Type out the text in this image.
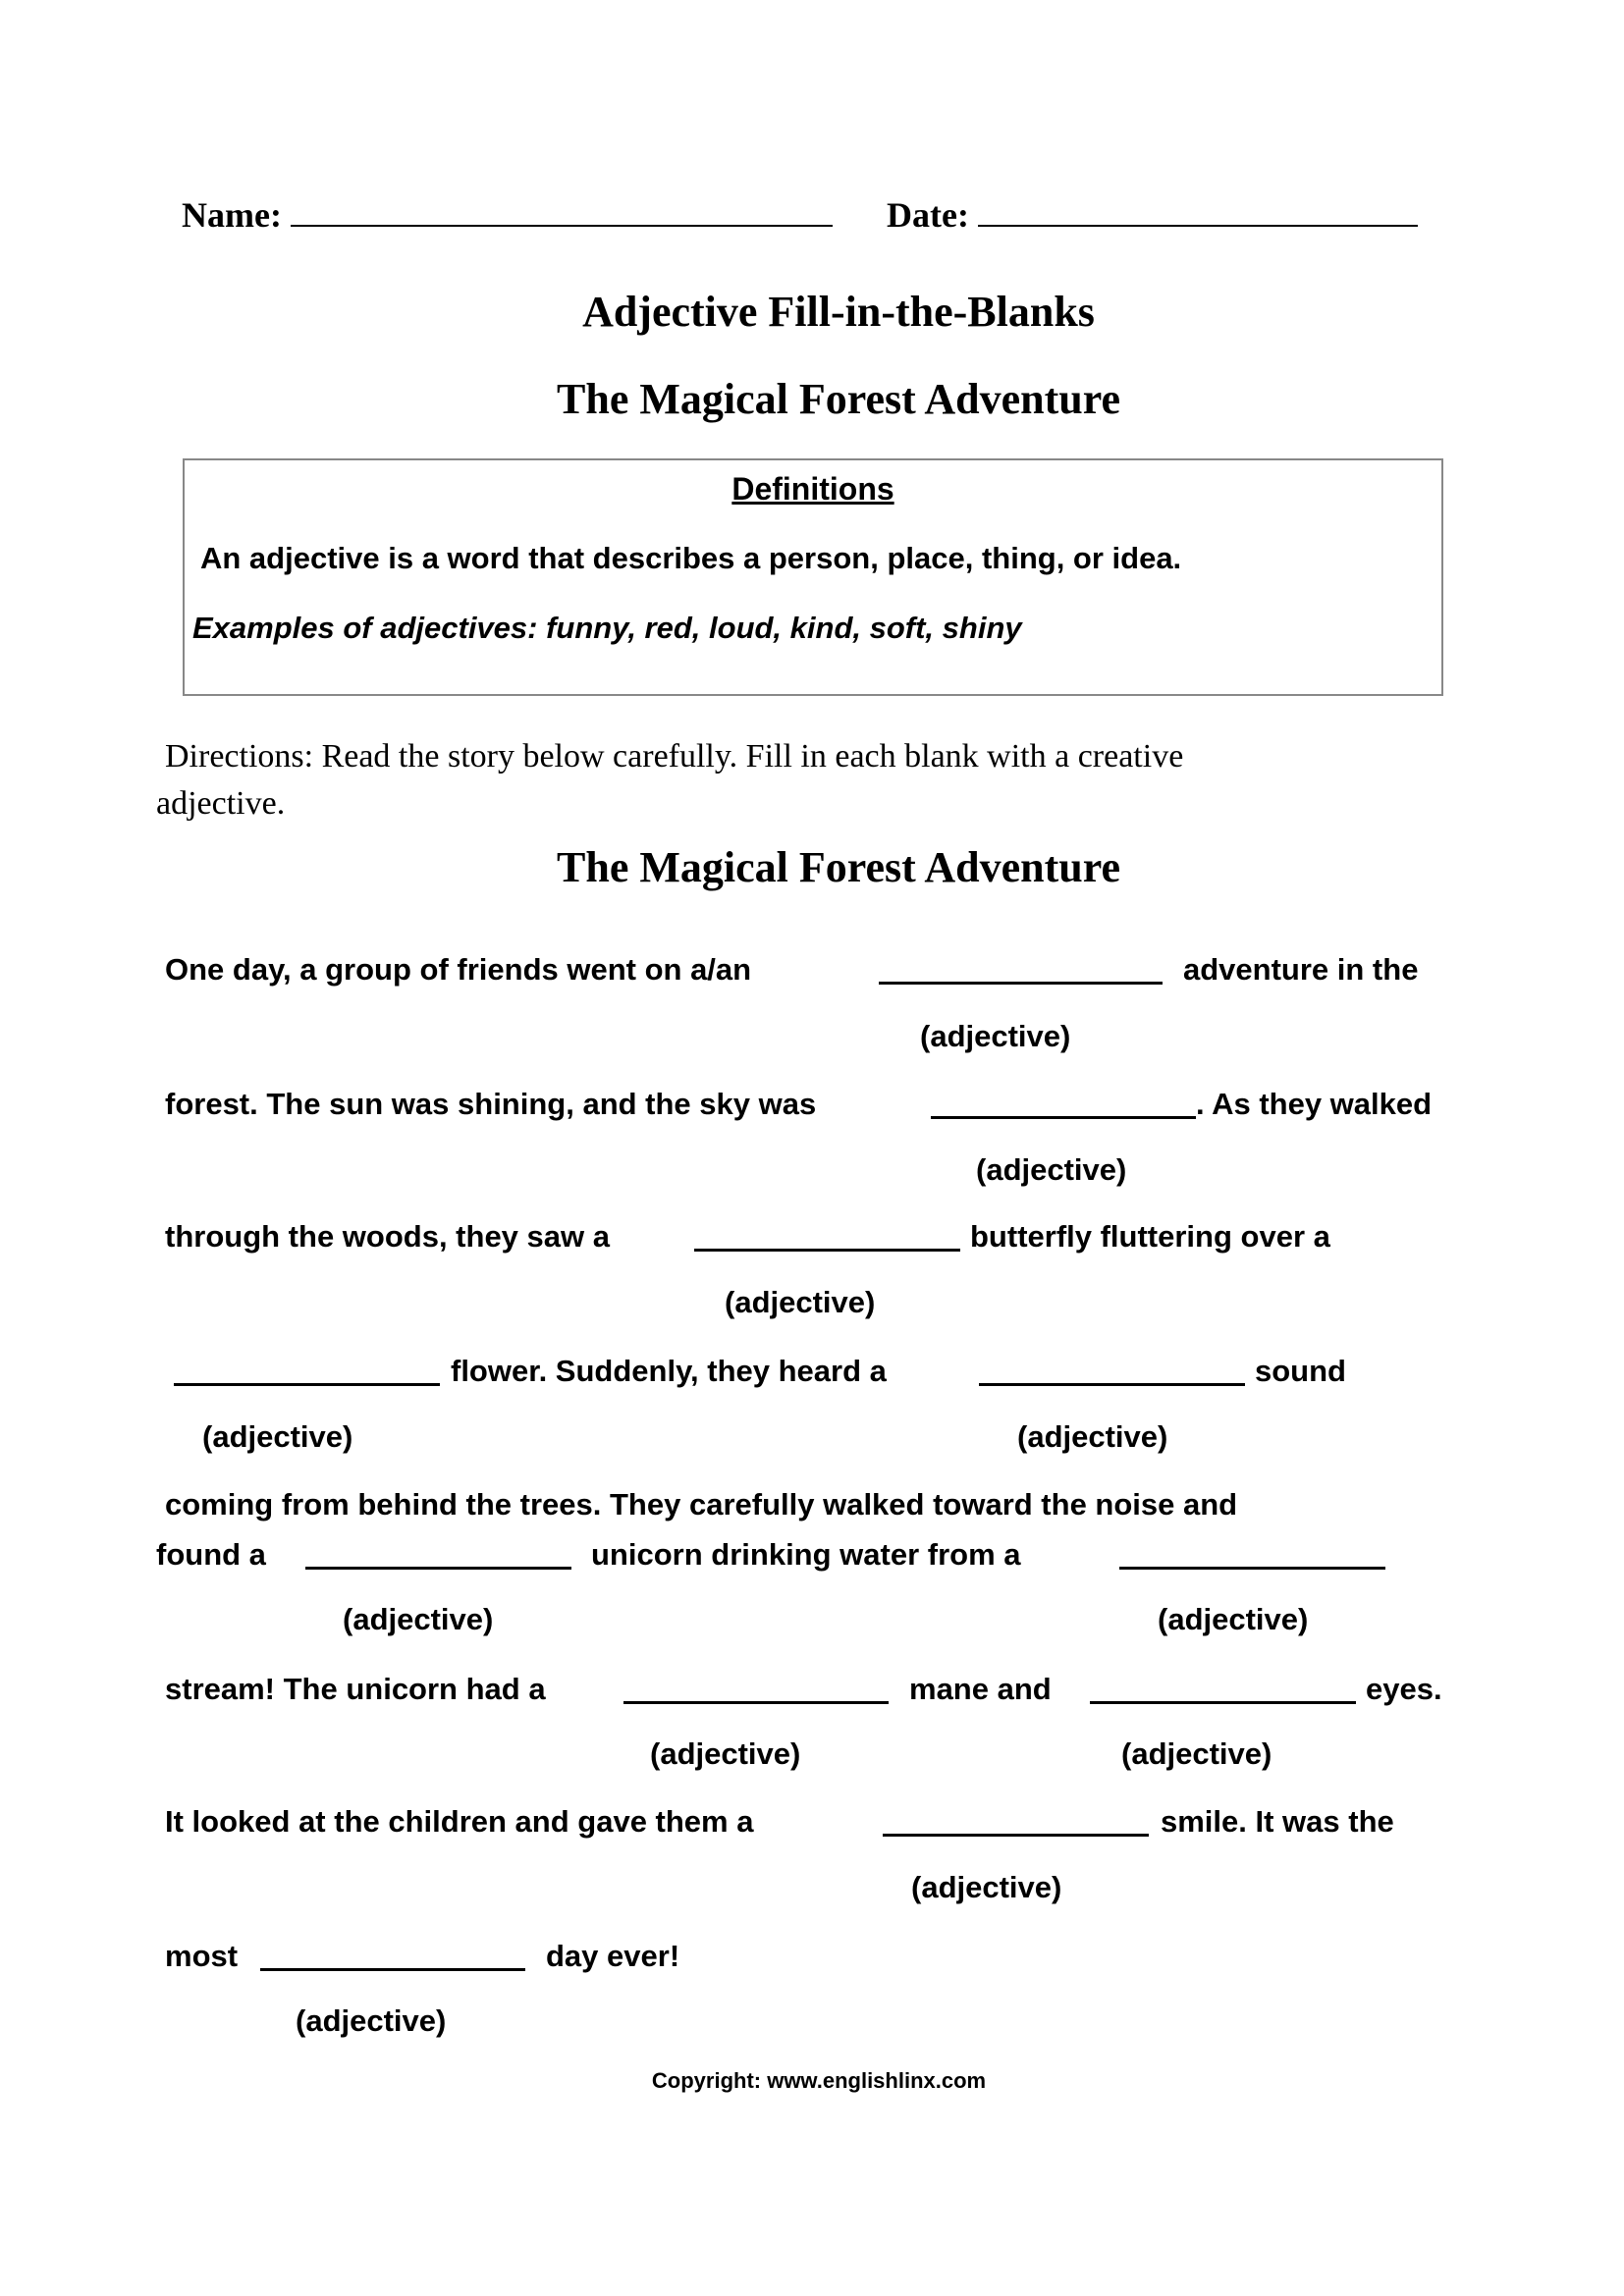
Name:	Date:
Adjective Fill-in-the-Blanks
The Magical Forest Adventure
Definitions
An adjective is a word that describes a person, place, thing, or idea.
Examples of adjectives: funny, red, loud, kind, soft, shiny
Directions: Read the story below carefully. Fill in each blank with a creative
adjective.
The Magical Forest Adventure
One day, a group of friends went on a/an	adventure in the
(adjective)
forest. The sun was shining, and the sky was	. As they walked
(adjective)
through the woods, they saw a	butterfly fluttering over a
(adjective)
flower. Suddenly, they heard a	sound
(adjective)	(adjective)
coming from behind the trees. They carefully walked toward the noise and
found a	unicorn drinking water from a
(adjective)	(adjective)
stream! The unicorn had a	mane and	eyes.
(adjective)	(adjective)
It looked at the children and gave them a	smile. It was the
(adjective)
most	day ever!
(adjective)
Copyright: www.englishlinx.com
